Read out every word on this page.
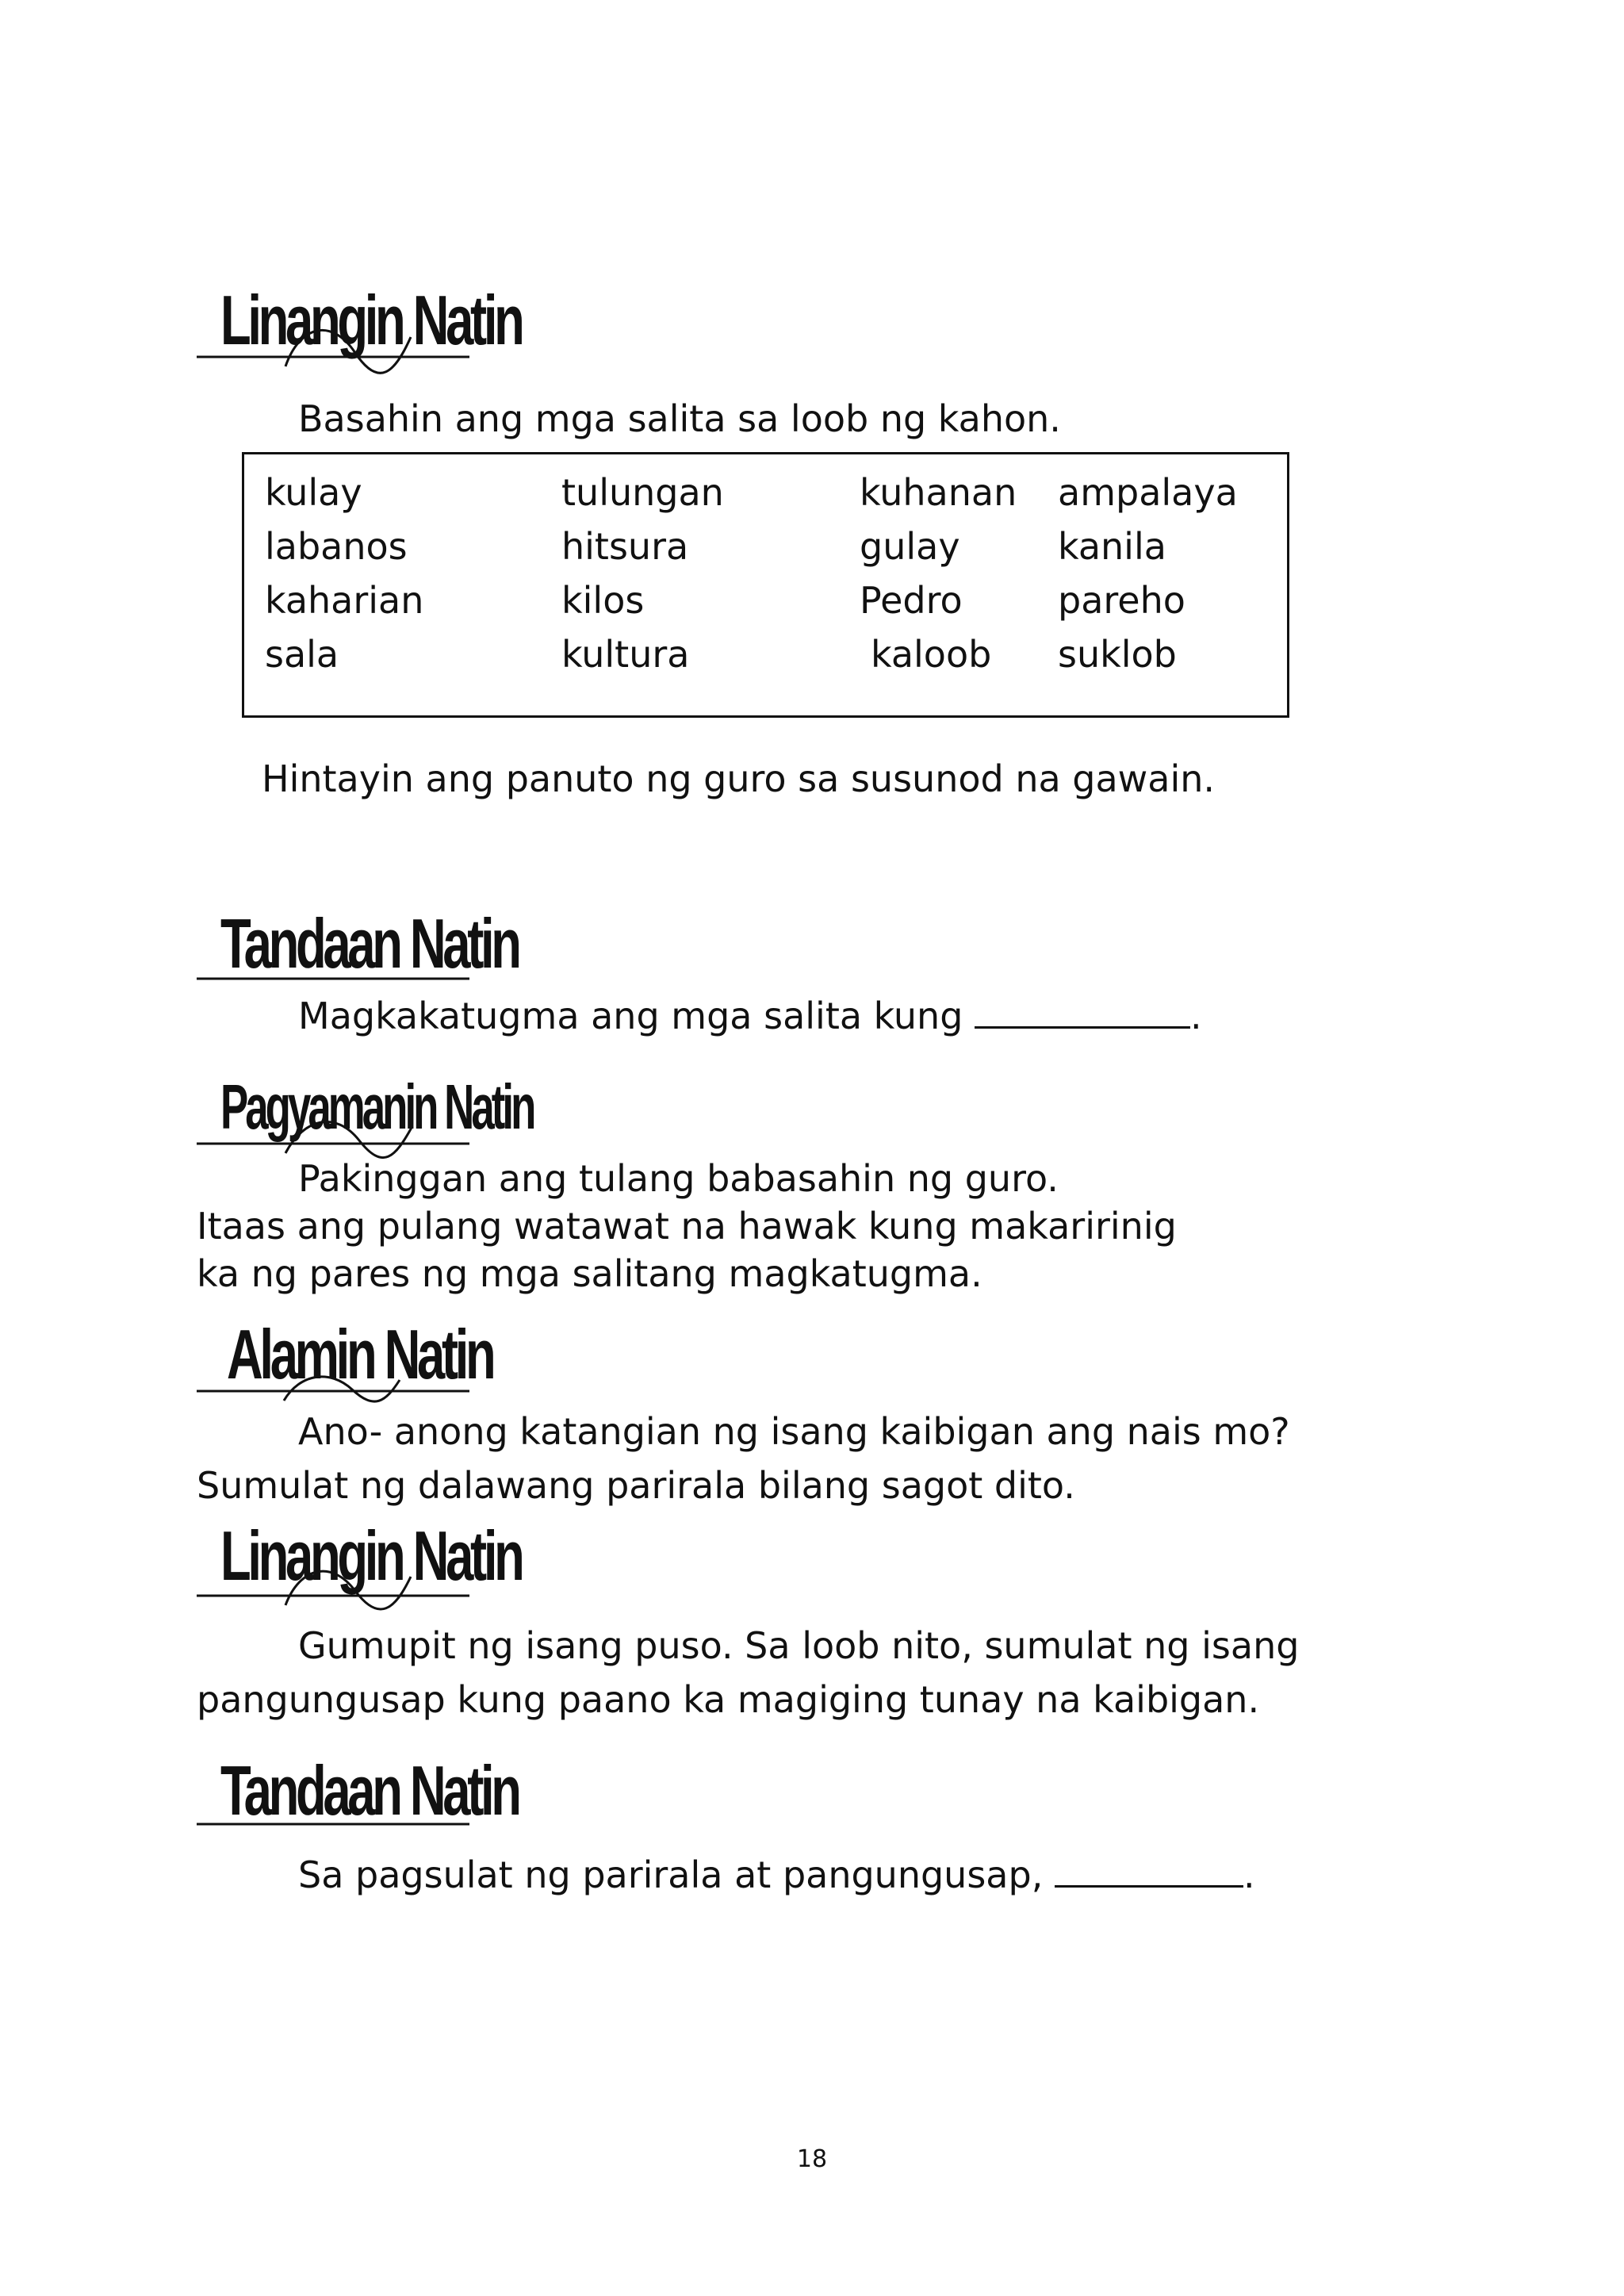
Linangin Natin
Basahin ang mga salita sa loob ng kahon.
kulay
labanos
kaharian
sala
tulungan
hitsura
kilos
kultura
kuhanan
gulay
Pedro
kaloob
ampalaya
kanila
pareho
suklob
Hintayin ang panuto ng guro sa susunod na gawain.
Tandaan Natin
Magkakatugma ang mga salita kung	.
Pagyamanin Natin
Pakinggan ang tulang babasahin ng guro.
Itaas ang pulang watawat na hawak kung makaririnig
ka ng pares ng mga salitang magkatugma.
Alamin Natin
Ano- anong katangian ng isang kaibigan ang nais mo?
Sumulat ng dalawang parirala bilang sagot dito.
Linangin Natin
Gumupit ng isang puso. Sa loob nito, sumulat ng isang
pangungusap kung paano ka magiging tunay na kaibigan.
Tandaan Natin
Sa pagsulat ng parirala at pangungusap,	.
18
